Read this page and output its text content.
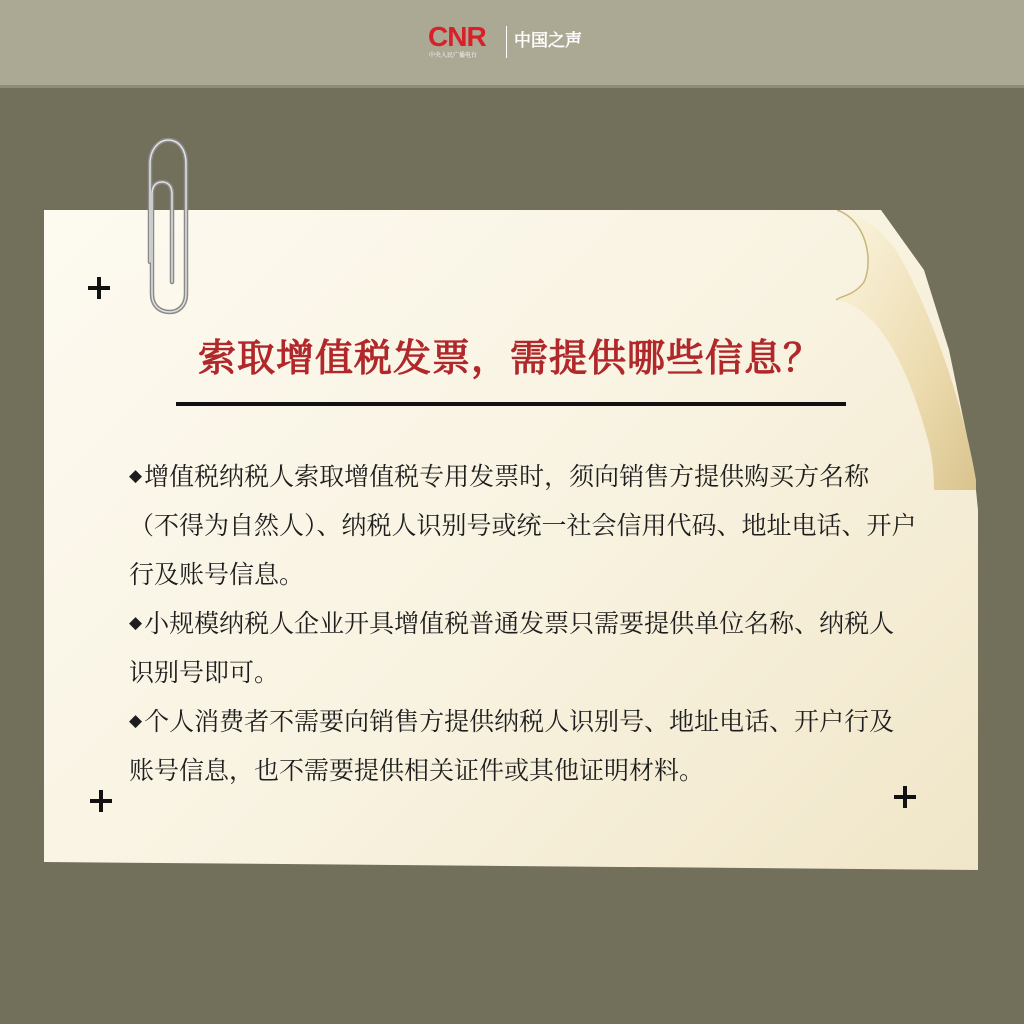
CNR
中央人民广播电台
中国之声
索取增值税发票，需提供哪些信息？

◆增值税纳税人索取增值税专用发票时，须向销售方提供购买方名称（不得为自然人）、纳税人识别号或统一社会信用代码、地址电话、开户行及账号信息。

◆小规模纳税人企业开具增值税普通发票只需要提供单位名称、纳税人识别号即可。

◆个人消费者不需要向销售方提供纳税人识别号、地址电话、开户行及账号信息，也不需要提供相关证件或其他证明材料。
